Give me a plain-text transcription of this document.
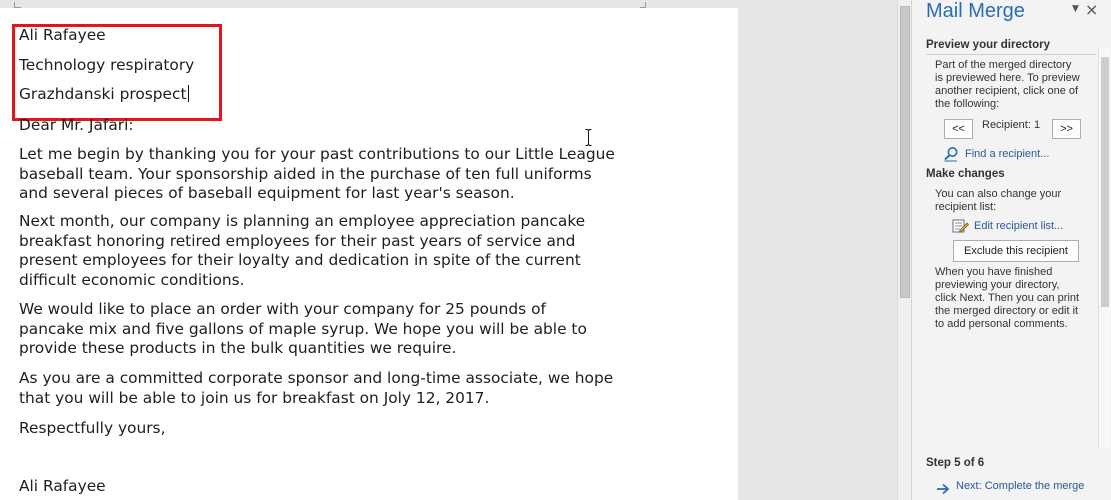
Ali Rafayee
Technology respiratory
Grazhdanski prospect
Dear Mr. Jafari:
Let me begin by thanking you for your past contributions to our Little League
baseball team. Your sponsorship aided in the purchase of ten full uniforms
and several pieces of baseball equipment for last year's season.
Next month, our company is planning an employee appreciation pancake
breakfast honoring retired employees for their past years of service and
present employees for their loyalty and dedication in spite of the current
difficult economic conditions.
We would like to place an order with your company for 25 pounds of
pancake mix and five gallons of maple syrup. We hope you will be able to
provide these products in the bulk quantities we require.
As you are a committed corporate sponsor and long-time associate, we hope
that you will be able to join us for breakfast on Joly 12, 2017.
Respectfully yours,
Ali Rafayee
Mail Merge	▼ ×
Preview your directory
Part of the merged directory
is previewed here. To preview
another recipient, click one of
the following:
<<	Recipient: 1	>>
Find a recipient...
Make changes
You can also change your
recipient list:
Edit recipient list...
Exclude this recipient
When you have finished
previewing your directory,
click Next. Then you can print
the merged directory or edit it
to add personal comments.
Step 5 of 6
Next: Complete the merge
